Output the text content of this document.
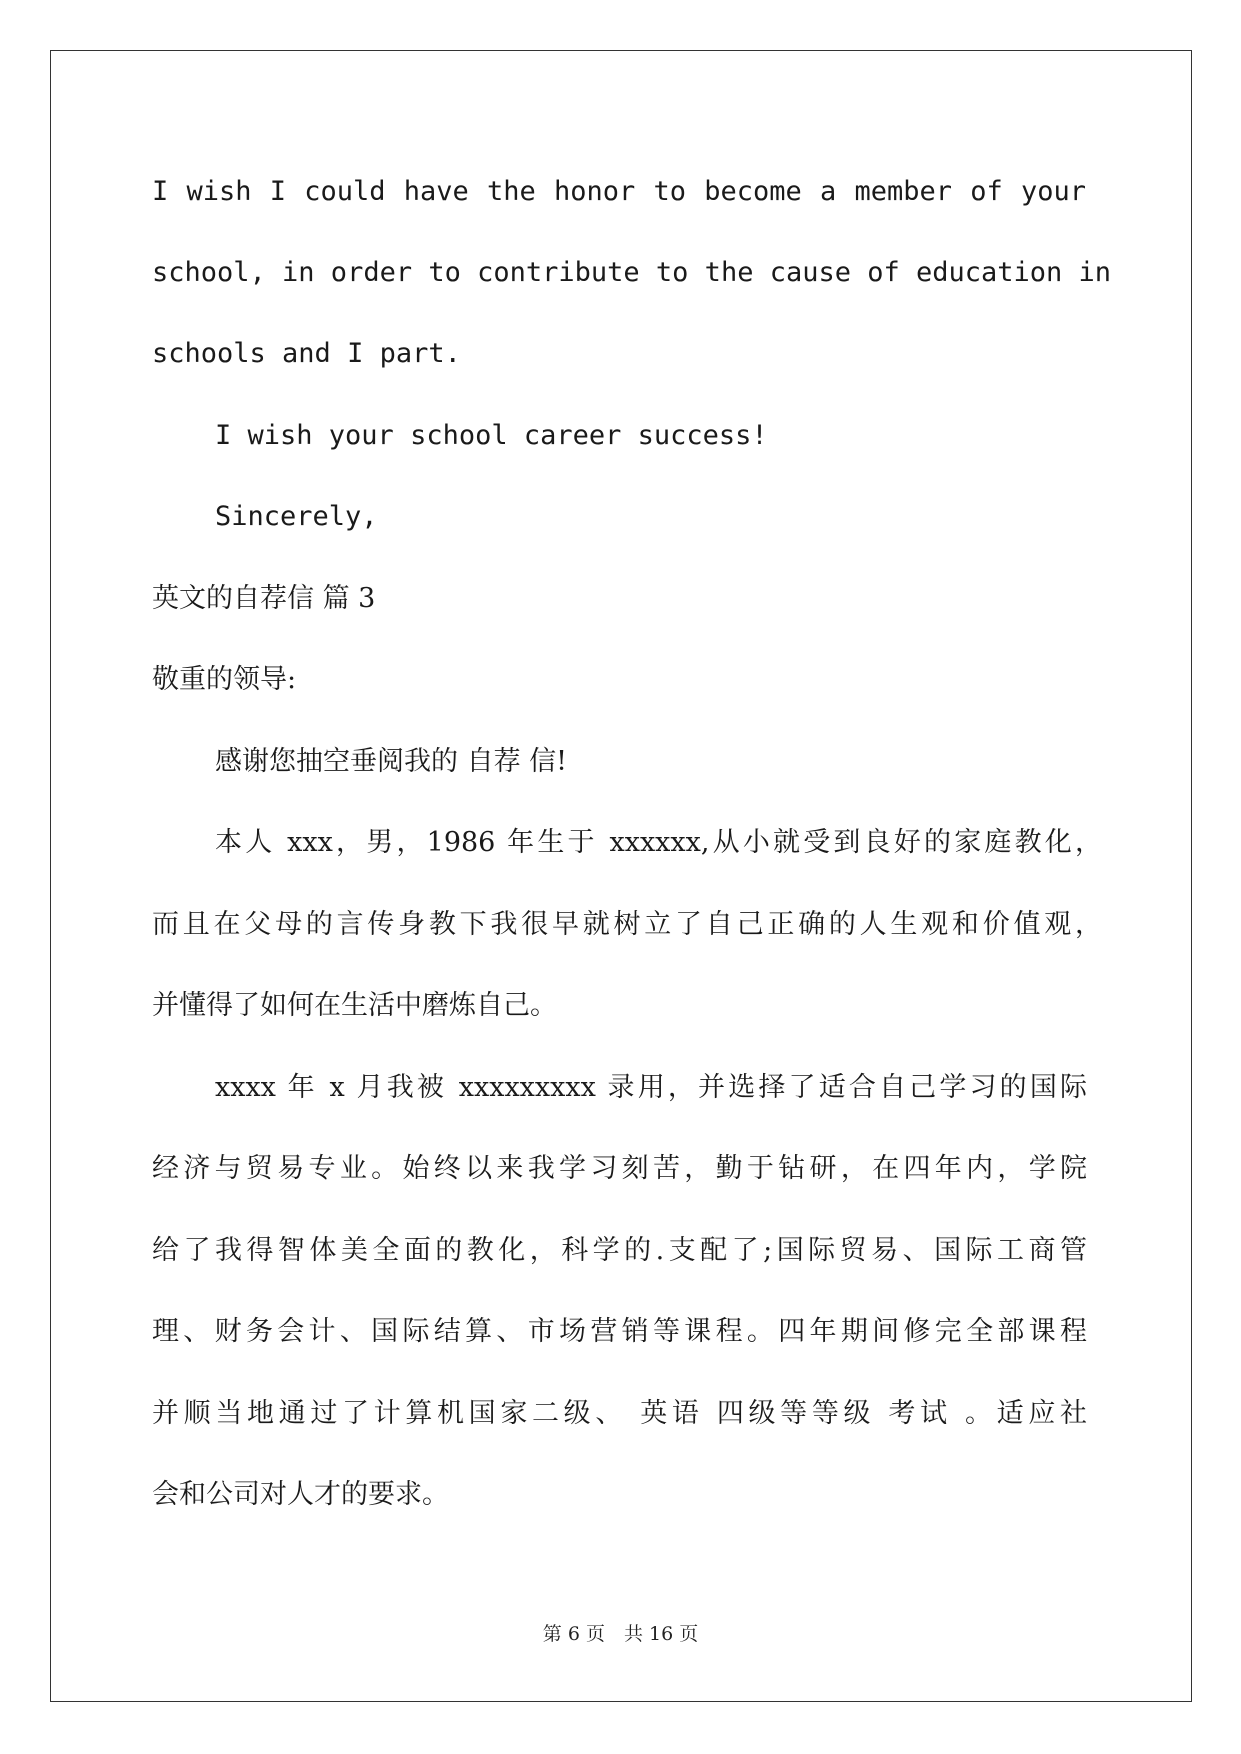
I wish I could have the honor to become a member of your
school, in order to contribute to the cause of education in
schools and I part.
I wish your school career success!
Sincerely,
英文的自荐信 篇 3
敬重的领导:
感谢您抽空垂阅我的 自荐 信!
本人 xxx，男，1986 年生于 xxxxxx,从小就受到良好的家庭教化，
而且在父母的言传身教下我很早就树立了自己正确的人生观和价值观，
并懂得了如何在生活中磨炼自己。
xxxx 年 x 月我被 xxxxxxxxx 录用，并选择了适合自己学习的国际
经济与贸易专业。始终以来我学习刻苦，勤于钻研，在四年内，学院
给了我得智体美全面的教化，科学的.支配了;国际贸易、国际工商管
理、财务会计、国际结算、市场营销等课程。四年期间修完全部课程
并顺当地通过了计算机国家二级、 英语 四级等等级 考试 。适应社
会和公司对人才的要求。
第 6 页　共 16 页
